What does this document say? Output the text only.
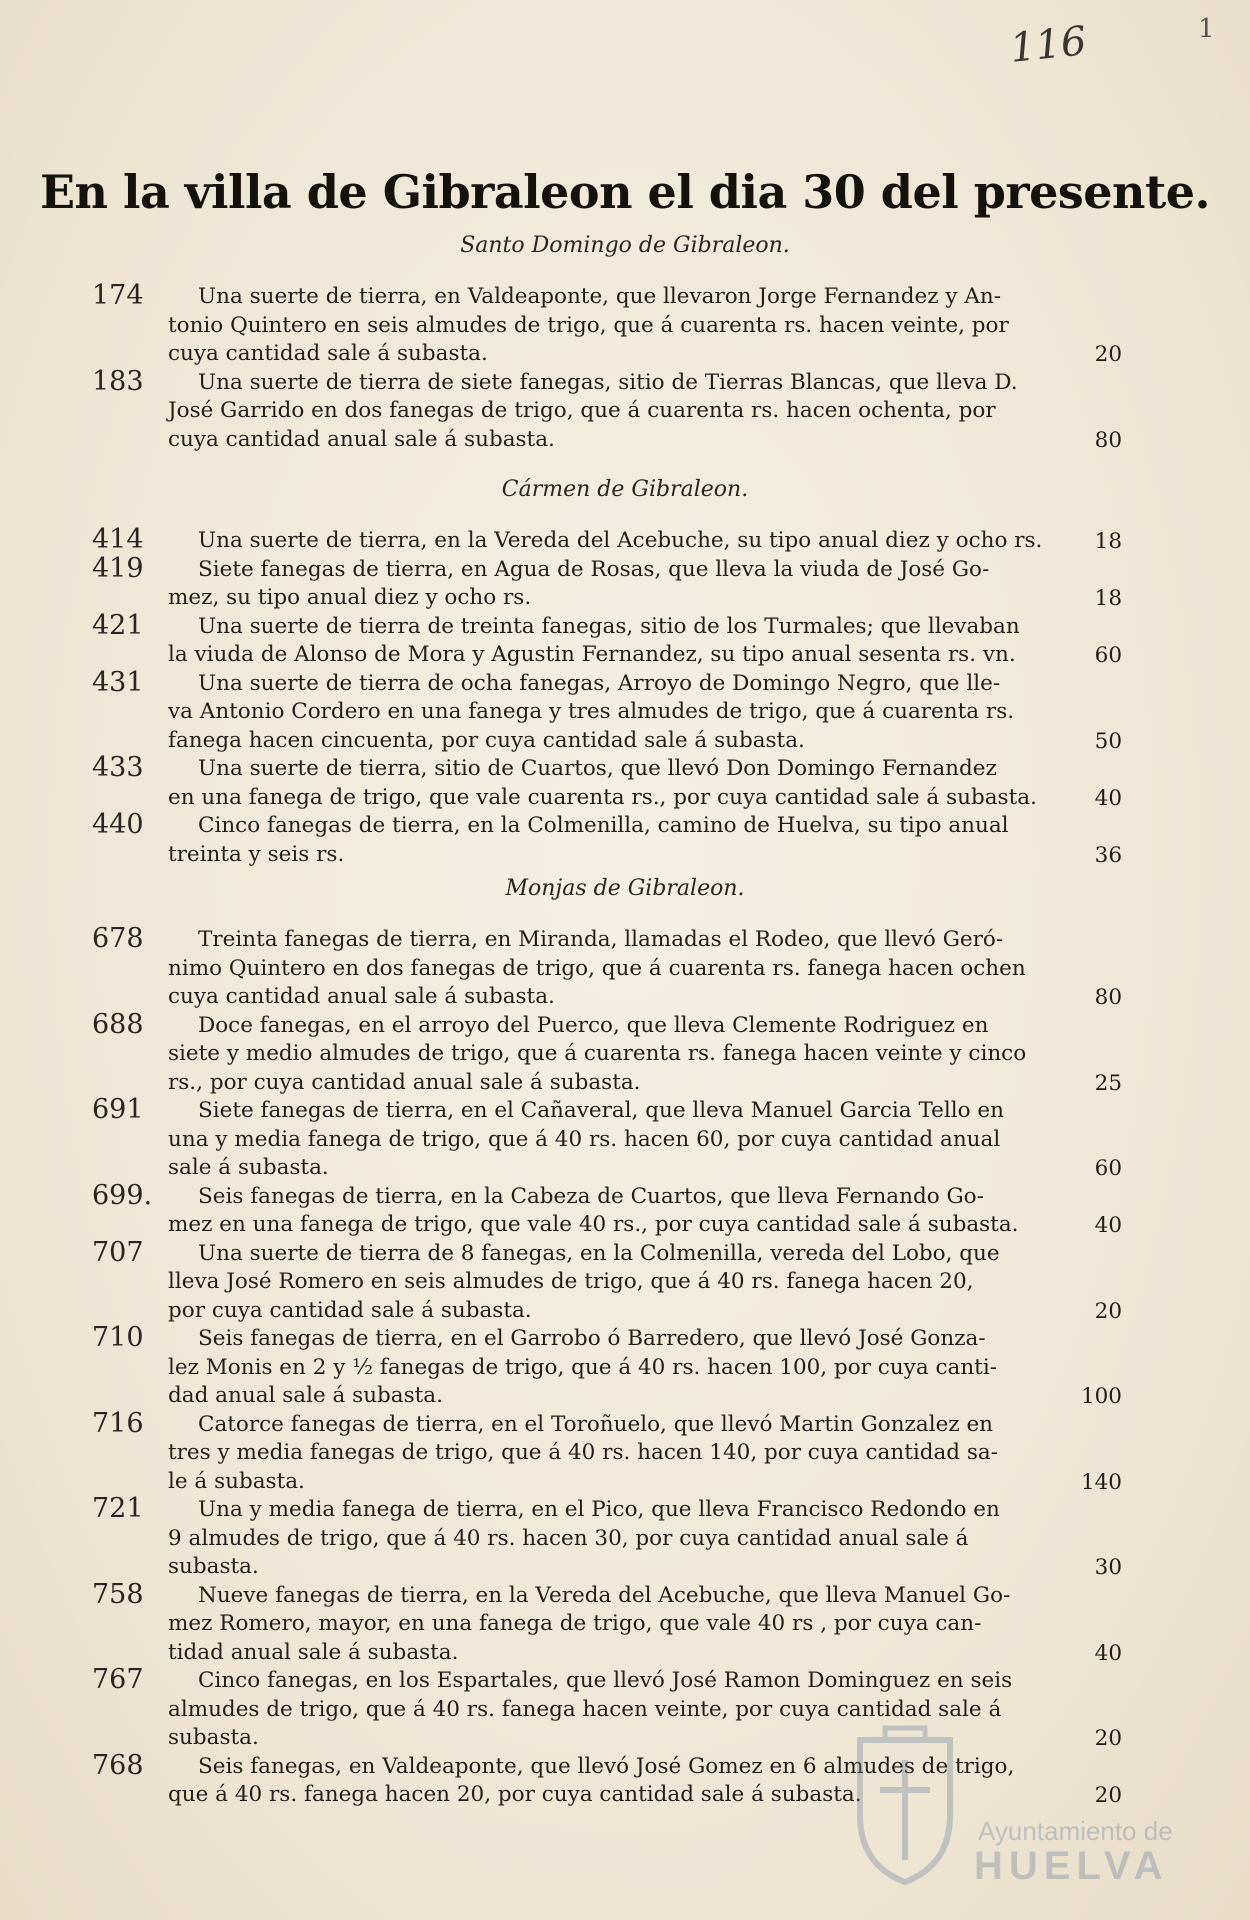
116	1
En la villa de Gibraleon el dia 30 del presente.
Santo Domingo de Gibraleon.
174	Una suerte de tierra, en Valdeaponte, que llevaron Jorge Fernandez y An-
tonio Quintero en seis almudes de trigo, que á cuarenta rs. hacen veinte, por
cuya cantidad sale á subasta.	20
183	Una suerte de tierra de siete fanegas, sitio de Tierras Blancas, que lleva D.
José Garrido en dos fanegas de trigo, que á cuarenta rs. hacen ochenta, por
cuya cantidad anual sale á subasta.	80
Cármen de Gibraleon.
414	Una suerte de tierra, en la Vereda del Acebuche, su tipo anual diez y ocho rs.	18
419	Siete fanegas de tierra, en Agua de Rosas, que lleva la viuda de José Go-
mez, su tipo anual diez y ocho rs.	18
421	Una suerte de tierra de treinta fanegas, sitio de los Turmales; que llevaban
la viuda de Alonso de Mora y Agustin Fernandez, su tipo anual sesenta rs. vn.	60
431	Una suerte de tierra de ocha fanegas, Arroyo de Domingo Negro, que lle-
va Antonio Cordero en una fanega y tres almudes de trigo, que á cuarenta rs.
fanega hacen cincuenta, por cuya cantidad sale á subasta.	50
433	Una suerte de tierra, sitio de Cuartos, que llevó Don Domingo Fernandez
en una fanega de trigo, que vale cuarenta rs., por cuya cantidad sale á subasta.	40
440	Cinco fanegas de tierra, en la Colmenilla, camino de Huelva, su tipo anual
treinta y seis rs.	36
Monjas de Gibraleon.
678	Treinta fanegas de tierra, en Miranda, llamadas el Rodeo, que llevó Geró-
nimo Quintero en dos fanegas de trigo, que á cuarenta rs. fanega hacen ochen
cuya cantidad anual sale á subasta.	80
688	Doce fanegas, en el arroyo del Puerco, que lleva Clemente Rodriguez en
siete y medio almudes de trigo, que á cuarenta rs. fanega hacen veinte y cinco
rs., por cuya cantidad anual sale á subasta.	25
691	Siete fanegas de tierra, en el Cañaveral, que lleva Manuel Garcia Tello en
una y media fanega de trigo, que á 40 rs. hacen 60, por cuya cantidad anual
sale á subasta.	60
699.	Seis fanegas de tierra, en la Cabeza de Cuartos, que lleva Fernando Go-
mez en una fanega de trigo, que vale 40 rs., por cuya cantidad sale á subasta.	40
707	Una suerte de tierra de 8 fanegas, en la Colmenilla, vereda del Lobo, que
lleva José Romero en seis almudes de trigo, que á 40 rs. fanega hacen 20,
por cuya cantidad sale á subasta.	20
710	Seis fanegas de tierra, en el Garrobo ó Barredero, que llevó José Gonza-
lez Monis en 2 y ½ fanegas de trigo, que á 40 rs. hacen 100, por cuya canti-
dad anual sale á subasta.	100
716	Catorce fanegas de tierra, en el Toroñuelo, que llevó Martin Gonzalez en
tres y media fanegas de trigo, que á 40 rs. hacen 140, por cuya cantidad sa-
le á subasta.	140
721	Una y media fanega de tierra, en el Pico, que lleva Francisco Redondo en
9 almudes de trigo, que á 40 rs. hacen 30, por cuya cantidad anual sale á
subasta.	30
758	Nueve fanegas de tierra, en la Vereda del Acebuche, que lleva Manuel Go-
mez Romero, mayor, en una fanega de trigo, que vale 40 rs , por cuya can-
tidad anual sale á subasta.	40
767	Cinco fanegas, en los Espartales, que llevó José Ramon Dominguez en seis
almudes de trigo, que á 40 rs. fanega hacen veinte, por cuya cantidad sale á
subasta.	20
768	Seis fanegas, en Valdeaponte, que llevó José Gomez en 6 almudes de trigo,
que á 40 rs. fanega hacen 20, por cuya cantidad sale á subasta.	20
Ayuntamiento de
HUELVA
